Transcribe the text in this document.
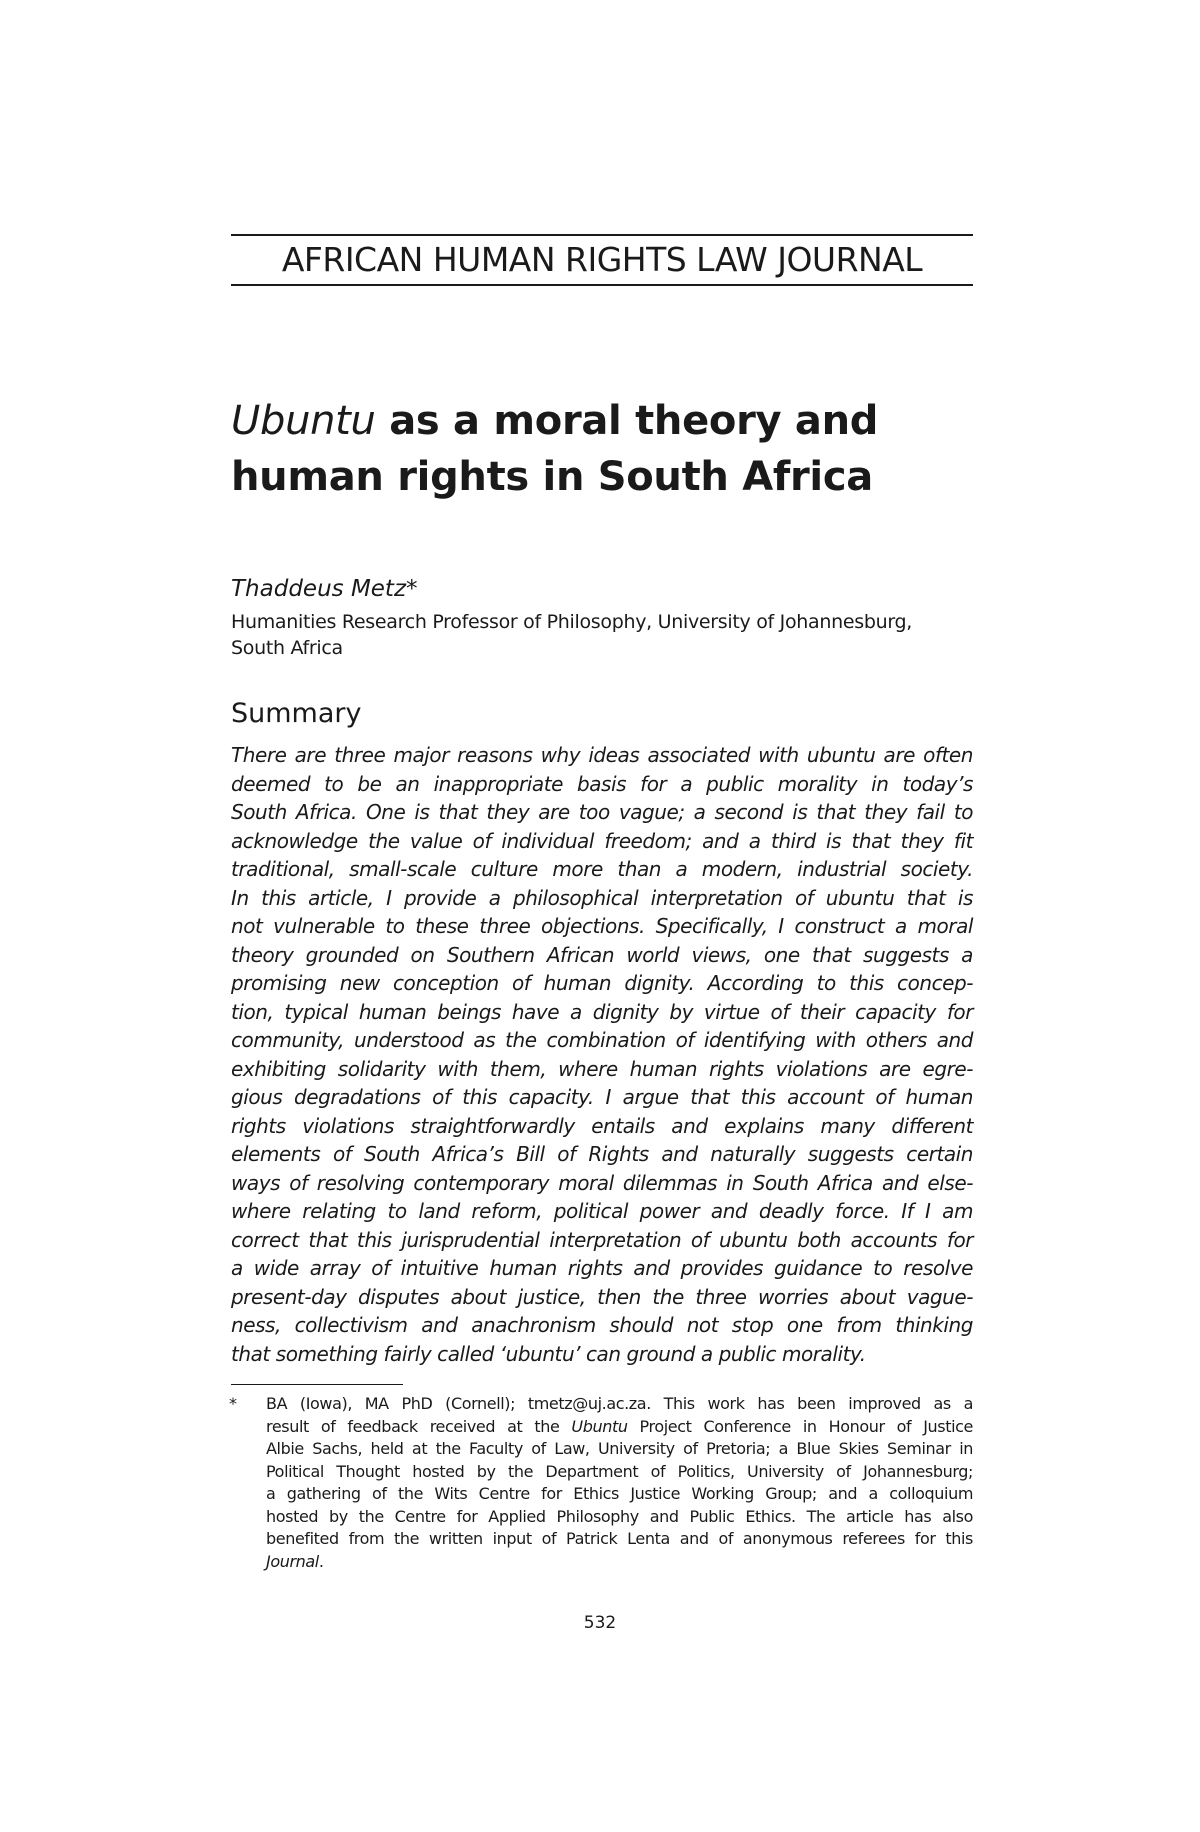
AFRICAN HUMAN RIGHTS LAW JOURNAL
Ubuntu as a moral theory and
human rights in South Africa
Thaddeus Metz*
Humanities Research Professor of Philosophy, University of Johannesburg,
South Africa
Summary
There are three major reasons why ideas associated with ubuntu are often
deemed to be an inappropriate basis for a public morality in today’s
South Africa. One is that they are too vague; a second is that they fail to
acknowledge the value of individual freedom; and a third is that they fit
traditional, small-scale culture more than a modern, industrial society.
In this article, I provide a philosophical interpretation of ubuntu that is
not vulnerable to these three objections. Specifically, I construct a moral
theory grounded on Southern African world views, one that suggests a
promising new conception of human dignity. According to this concep-
tion, typical human beings have a dignity by virtue of their capacity for
community, understood as the combination of identifying with others and
exhibiting solidarity with them, where human rights violations are egre-
gious degradations of this capacity. I argue that this account of human
rights violations straightforwardly entails and explains many different
elements of South Africa’s Bill of Rights and naturally suggests certain
ways of resolving contemporary moral dilemmas in South Africa and else-
where relating to land reform, political power and deadly force. If I am
correct that this jurisprudential interpretation of ubuntu both accounts for
a wide array of intuitive human rights and provides guidance to resolve
present-day disputes about justice, then the three worries about vague-
ness, collectivism and anachronism should not stop one from thinking
that something fairly called ‘ubuntu’ can ground a public morality.
* BA (Iowa), MA PhD (Cornell); tmetz@uj.ac.za. This work has been improved as a
result of feedback received at the Ubuntu Project Conference in Honour of Justice
Albie Sachs, held at the Faculty of Law, University of Pretoria; a Blue Skies Seminar in
Political Thought hosted by the Department of Politics, University of Johannesburg;
a gathering of the Wits Centre for Ethics Justice Working Group; and a colloquium
hosted by the Centre for Applied Philosophy and Public Ethics. The article has also
benefited from the written input of Patrick Lenta and of anonymous referees for this
Journal.
532
